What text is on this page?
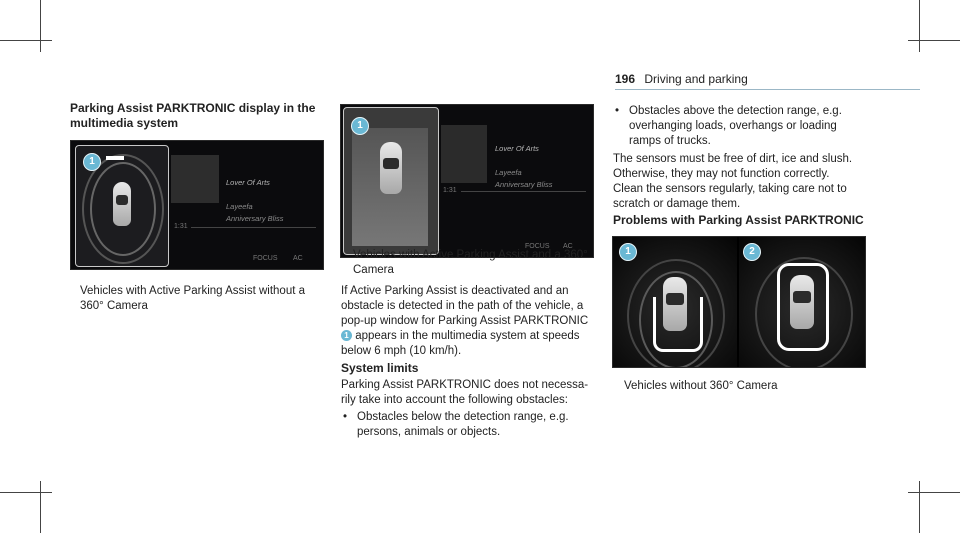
196 Driving and parking
Parking Assist PARKTRONIC display in the
multimedia system
1
Lover Of Arts

Layeefa
Anniversary Bliss
1:31
FOCUS AC
Vehicles with Active Parking Assist without a
360° Camera
1
Lover Of Arts

Layeefa
Anniversary Bliss
1:31
FOCUS AC
Vehicles with Active Parking Assist and a 360°
Camera

If Active Parking Assist is deactivated and an

obstacle is detected in the path of the vehicle, a

pop-up window for Parking Assist PARKTRONIC

1 appears in the multimedia system at speeds

below 6 mph (10 km/h).

System limits

Parking Assist PARKTRONIC does not necessa-

rily take into account the following obstacles:

• Obstacles below the detection range, e.g.
persons, animals or objects.
• Obstacles above the detection range, e.g.
overhanging loads, overhangs or loading
ramps of trucks.

The sensors must be free of dirt, ice and slush.

Otherwise, they may not function correctly.

Clean the sensors regularly, taking care not to

scratch or damage them.

Problems with Parking Assist PARKTRONIC
1	2
Vehicles without 360° Camera
